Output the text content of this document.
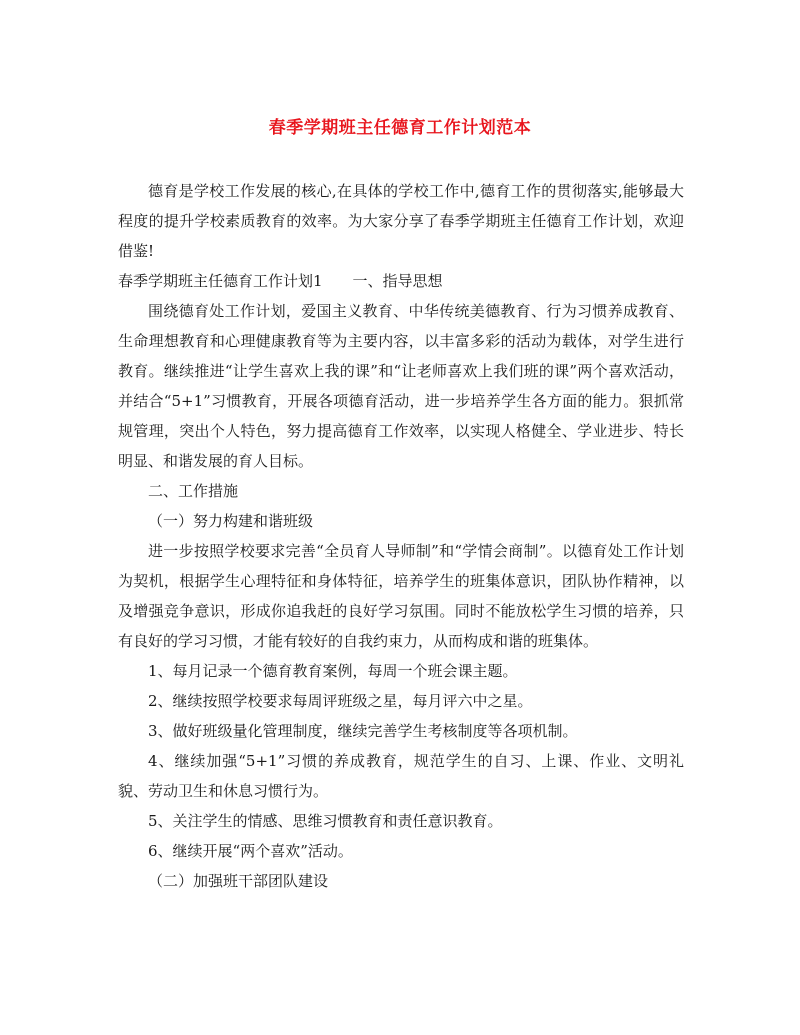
春季学期班主任德育工作计划范本

德育是学校工作发展的核心,在具体的学校工作中,德育工作的贯彻落实,能够最大程度的提升学校素质教育的效率。为大家分享了春季学期班主任德育工作计划，欢迎借鉴!

春季学期班主任德育工作计划1　　一、指导思想

围绕德育处工作计划，爱国主义教育、中华传统美德教育、行为习惯养成教育、生命理想教育和心理健康教育等为主要内容，以丰富多彩的活动为载体，对学生进行教育。继续推进“让学生喜欢上我的课”和“让老师喜欢上我们班的课”两个喜欢活动，并结合“5+1”习惯教育，开展各项德育活动，进一步培养学生各方面的能力。狠抓常规管理，突出个人特色，努力提高德育工作效率，以实现人格健全、学业进步、特长明显、和谐发展的育人目标。

二、工作措施

（一）努力构建和谐班级

进一步按照学校要求完善“全员育人导师制”和“学情会商制”。以德育处工作计划为契机，根据学生心理特征和身体特征，培养学生的班集体意识，团队协作精神，以及增强竞争意识，形成你追我赶的良好学习氛围。同时不能放松学生习惯的培养，只有良好的学习习惯，才能有较好的自我约束力，从而构成和谐的班集体。

1、每月记录一个德育教育案例，每周一个班会课主题。

2、继续按照学校要求每周评班级之星，每月评六中之星。

3、做好班级量化管理制度，继续完善学生考核制度等各项机制。

4、继续加强“5+1”习惯的养成教育，规范学生的自习、上课、作业、文明礼貌、劳动卫生和休息习惯行为。

5、关注学生的情感、思维习惯教育和责任意识教育。

6、继续开展“两个喜欢”活动。

（二）加强班干部团队建设
